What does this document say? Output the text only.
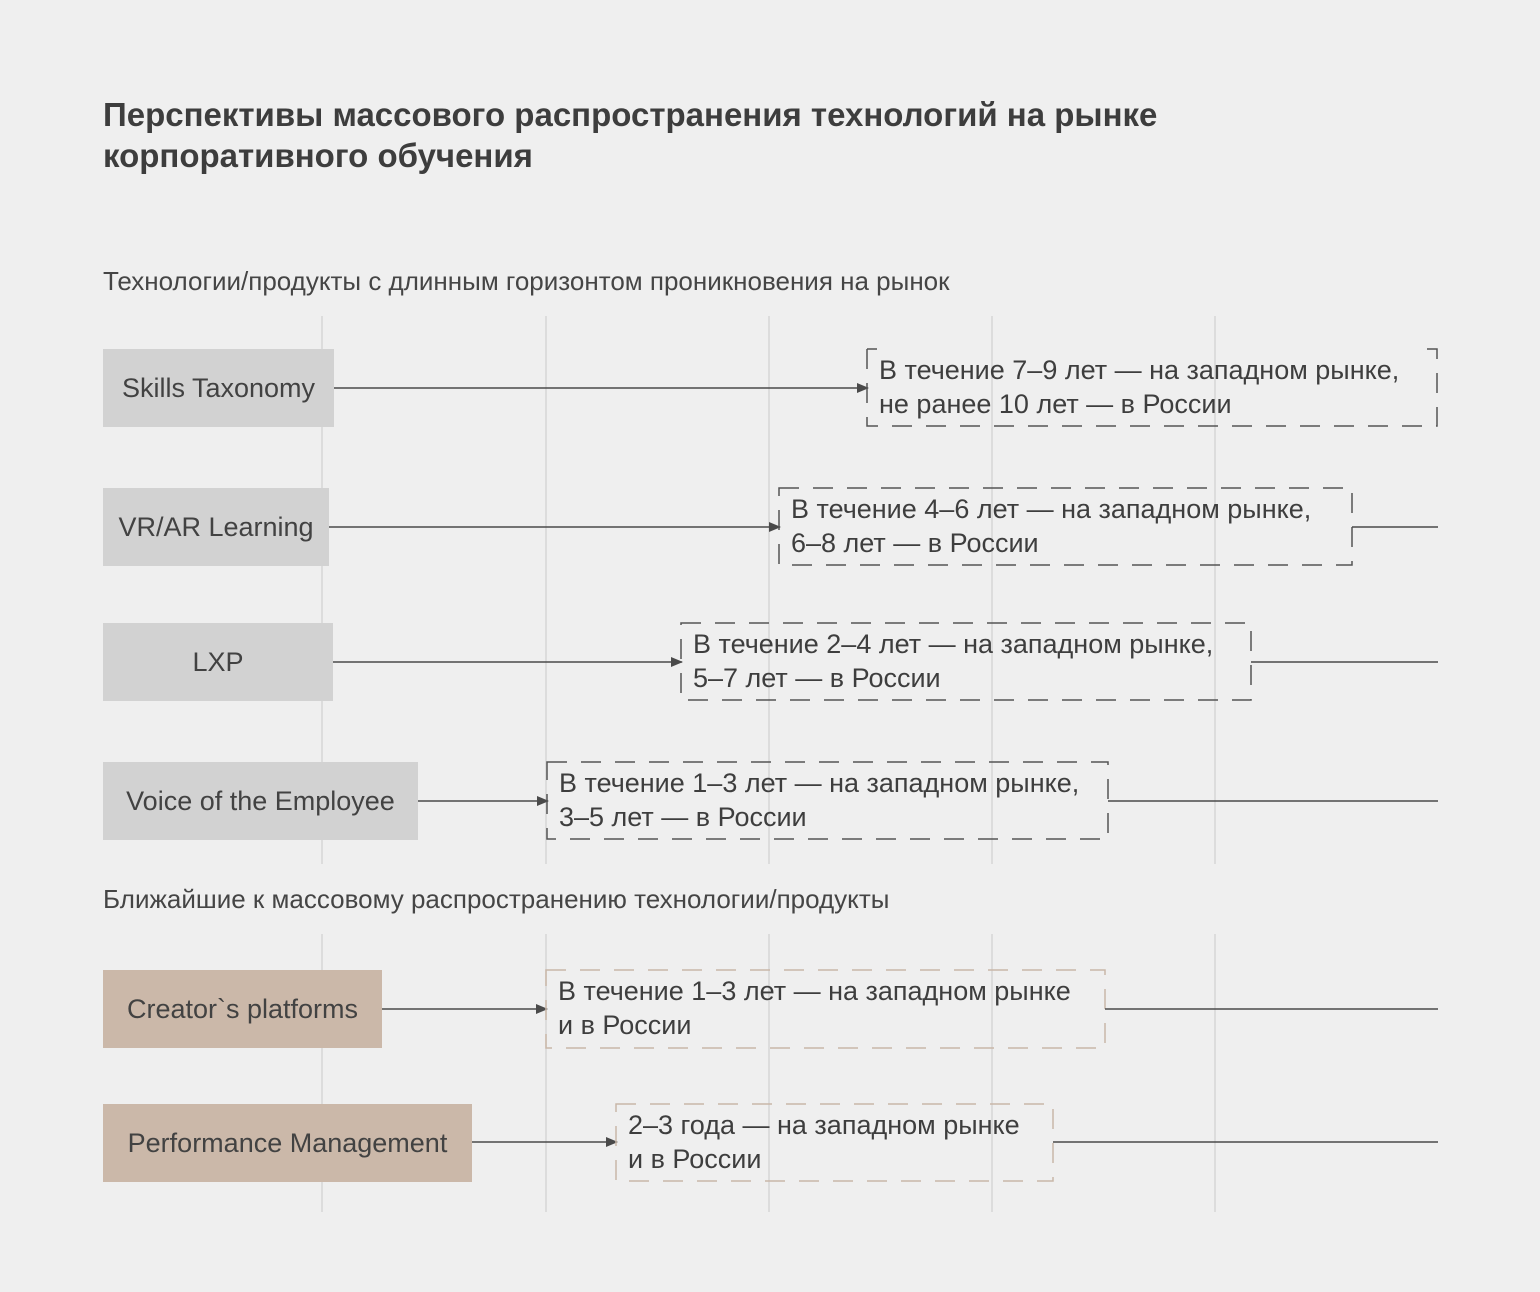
Перспективы массового распространения технологий на рынке
корпоративного обучения
Технологии/продукты с длинным горизонтом проникновения на рынок
Ближайшие к массовому распространению технологии/продукты
Skills Taxonomy
В течение 7–9 лет — на западном рынке,
не ранее 10 лет — в России
VR/AR Learning
В течение 4–6 лет — на западном рынке,
6–8 лет — в России
LXP
В течение 2–4 лет — на западном рынке,
5–7 лет — в России
Voice of the Employee
В течение 1–3 лет — на западном рынке,
3–5 лет — в России
Creator`s platforms
В течение 1–3 лет — на западном рынке
и в России
Performance Management
2–3 года — на западном рынке
и в России
